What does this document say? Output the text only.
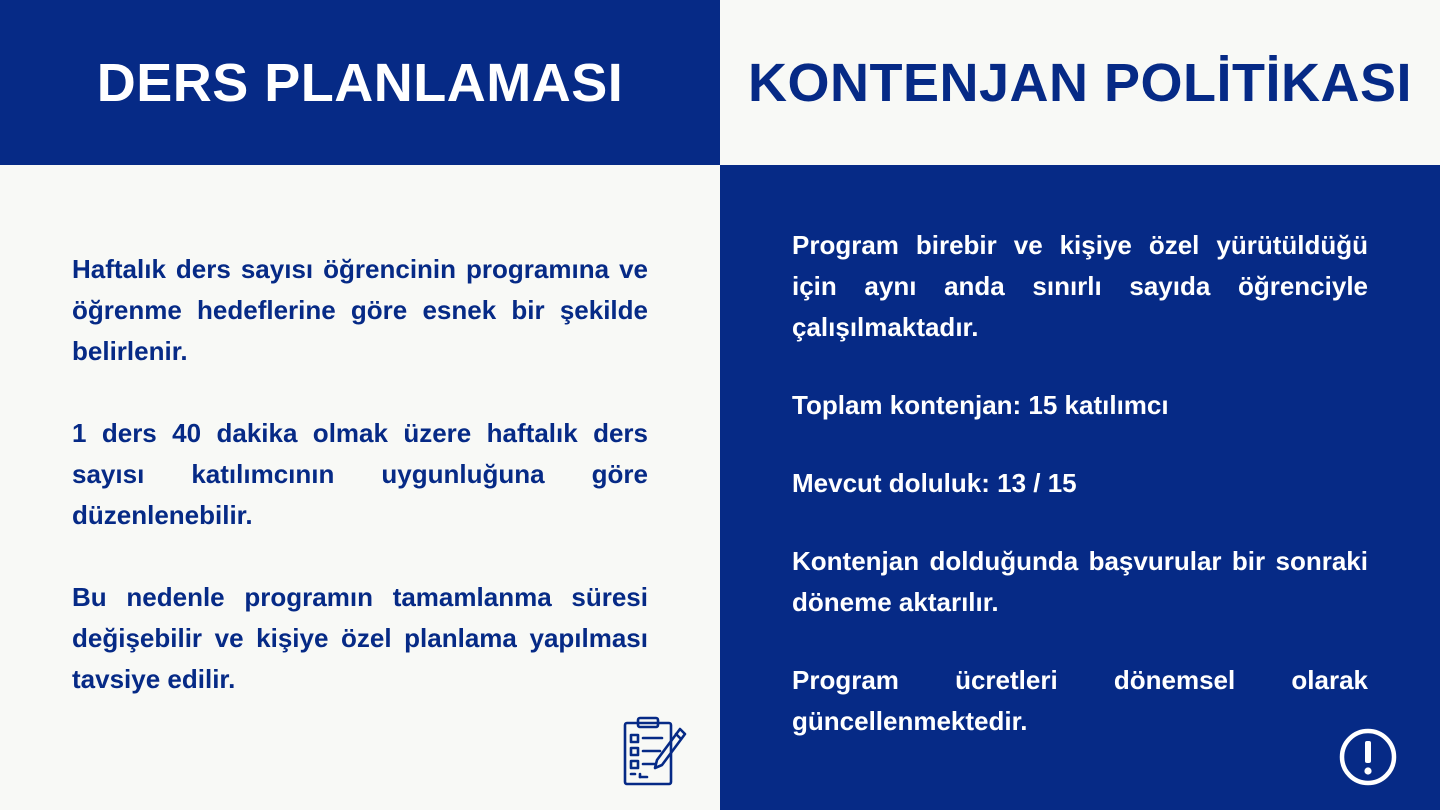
DERS PLANLAMASI KONTENJAN POLİTİKASI

Haftalık ders sayısı öğrencinin programına ve öğrenme hedeflerine göre esnek bir şekilde belirlenir.

1 ders 40 dakika olmak üzere haftalık ders sayısı katılımcının uygunluğuna göre düzenlenebilir.

Bu nedenle programın tamamlanma süresi değişebilir ve kişiye özel planlama yapılması tavsiye edilir.

Program birebir ve kişiye özel yürütüldüğü için aynı anda sınırlı sayıda öğrenciyle çalışılmaktadır.

Toplam kontenjan: 15 katılımcı

Mevcut doluluk: 13 / 15

Kontenjan dolduğunda başvurular bir sonraki döneme aktarılır.

Program ücretleri dönemsel olarak güncellenmektedir.
